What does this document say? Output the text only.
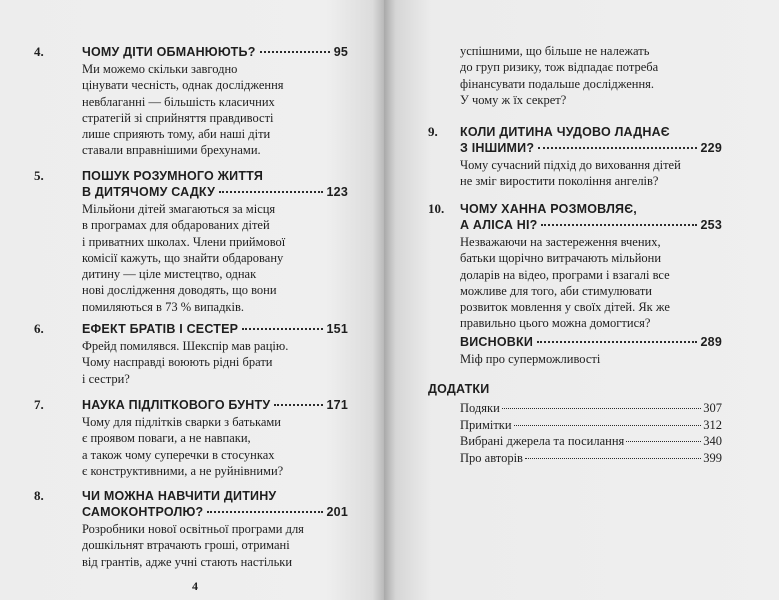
4.	ЧОМУ ДІТИ ОБМАНЮЮТЬ?	95
Ми можемо скільки завгодно
цінувати чесність, однак дослідження
невблаганні — більшість класичних
стратегій зі сприйняття правдивості
лише сприяють тому, аби наші діти
ставали вправнішими брехунами.
5.	ПОШУК РОЗУМНОГО ЖИТТЯ
В ДИТЯЧОМУ САДКУ	123
Мільйони дітей змагаються за місця
в програмах для обдарованих дітей
і приватних школах. Члени приймової
комісії кажуть, що знайти обдаровану
дитину — ціле мистецтво, однак
нові дослідження доводять, що вони
помиляються в 73 % випадків.
6.	ЕФЕКТ БРАТІВ І СЕСТЕР	151
Фрейд помилявся. Шекспір мав рацію.
Чому насправді воюють рідні брати
і сестри?
7.	НАУКА ПІДЛІТКОВОГО БУНТУ	171
Чому для підлітків сварки з батьками
є проявом поваги, а не навпаки,
а також чому суперечки в стосунках
є конструктивними, а не руйнівними?
8.	ЧИ МОЖНА НАВЧИТИ ДИТИНУ
САМОКОНТРОЛЮ?	201
Розробники нової освітньої програми для
дошкільнят втрачають гроші, отримані
від грантів, адже учні стають настільки
4
успішними, що більше не належать
до груп ризику, тож відпадає потреба
фінансувати подальше дослідження.
У чому ж їх секрет?
9. КОЛИ ДИТИНА ЧУДОВО ЛАДНАЄ
З ІНШИМИ?	229
Чому сучасний підхід до виховання дітей
не зміг виростити покоління ангелів?
10. ЧОМУ ХАННА РОЗМОВЛЯЄ,
А АЛІСА НІ?	253
Незважаючи на застереження вчених,
батьки щорічно витрачають мільйони
доларів на відео, програми і взагалі все
можливе для того, аби стимулювати
розвиток мовлення у своїх дітей. Як же
правильно цього можна домогтися?
ВИСНОВКИ	289
Міф про суперможливості
ДОДАТКИ
Подяки	307
Примітки	312
Вибрані джерела та посилання	340
Про авторів	399
